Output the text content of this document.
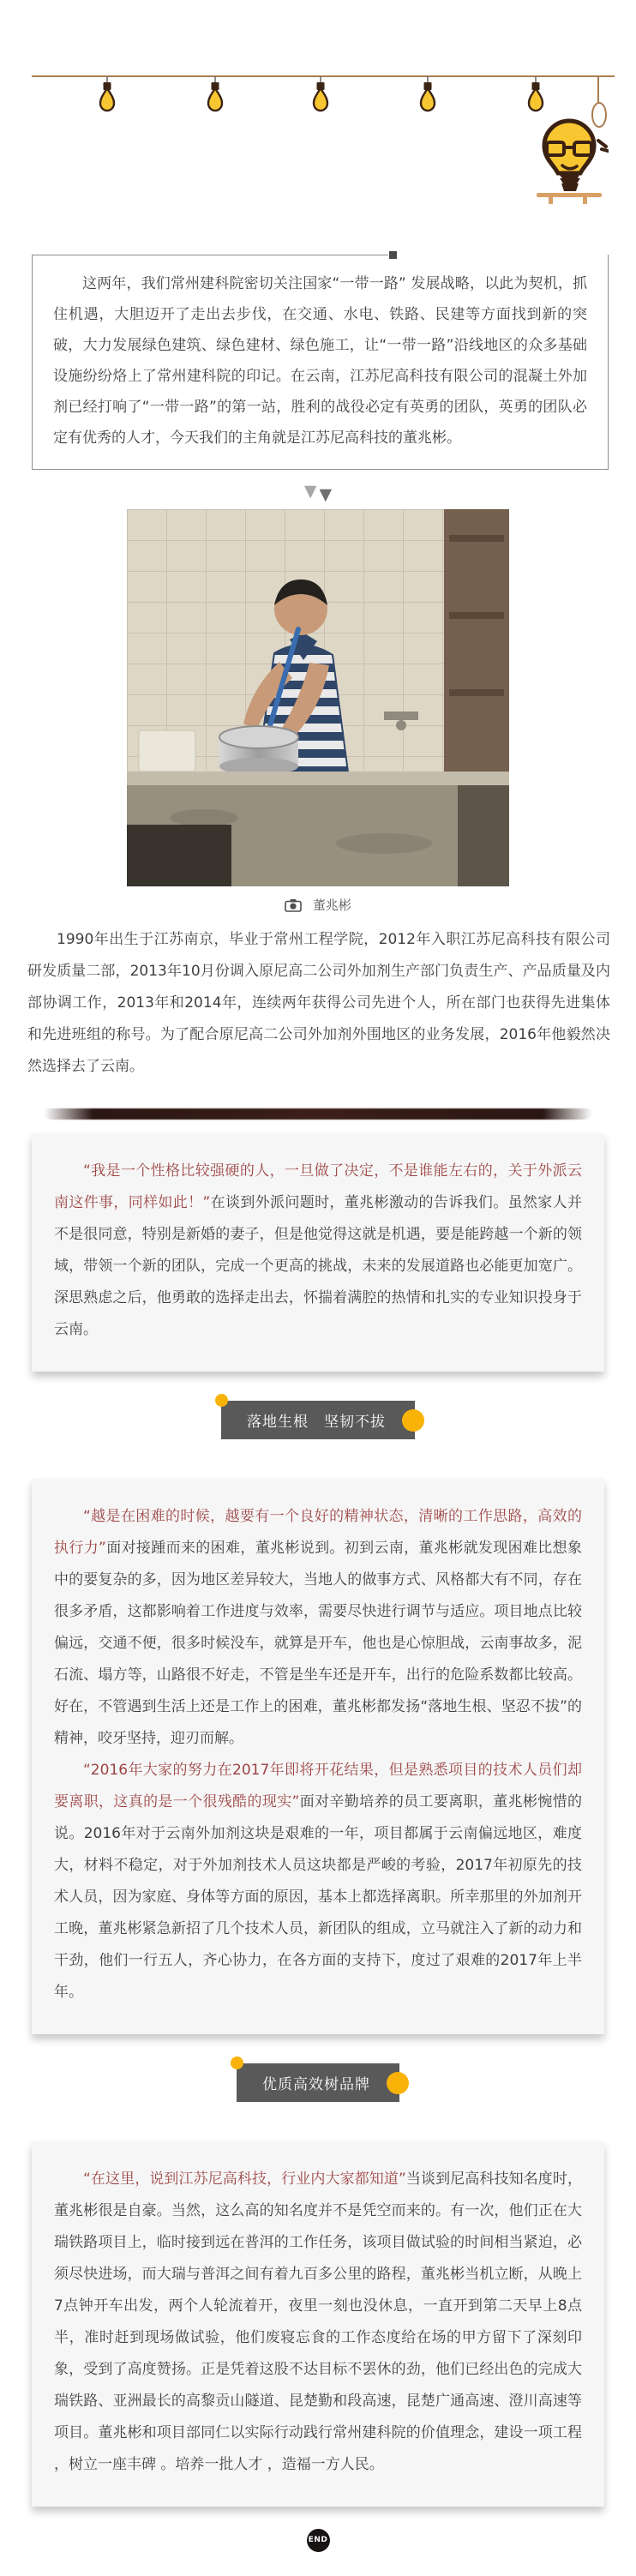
这两年，我们常州建科院密切关注国家“一带一路” 发展战略，以此为契机，抓住机遇，大胆迈开了走出去步伐，在交通、水电、铁路、民建等方面找到新的突破，大力发展绿色建筑、绿色建材、绿色施工，让“一带一路”沿线地区的众多基础设施纷纷烙上了常州建科院的印记。在云南，江苏尼高科技有限公司的混凝土外加剂已经打响了“一带一路”的第一站，胜利的战役必定有英勇的团队，英勇的团队必定有优秀的人才，今天我们的主角就是江苏尼高科技的董兆彬。

▼ ▼
董兆彬

1990年出生于江苏南京，毕业于常州工程学院，2012年入职江苏尼高科技有限公司研发质量二部，2013年10月份调入原尼高二公司外加剂生产部门负责生产、产品质量及内部协调工作，2013年和2014年，连续两年获得公司先进个人，所在部门也获得先进集体和先进班组的称号。为了配合原尼高二公司外加剂外围地区的业务发展，2016年他毅然决然选择去了云南。

“我是一个性格比较强硬的人，一旦做了决定，不是谁能左右的，关于外派云南这件事，同样如此！”在谈到外派问题时，董兆彬激动的告诉我们。虽然家人并不是很同意，特别是新婚的妻子，但是他觉得这就是机遇，要是能跨越一个新的领域，带领一个新的团队，完成一个更高的挑战，未来的发展道路也必能更加宽广。深思熟虑之后，他勇敢的选择走出去，怀揣着满腔的热情和扎实的专业知识投身于云南。

落地生根　坚韧不拔

“越是在困难的时候，越要有一个良好的精神状态，清晰的工作思路，高效的执行力”面对接踵而来的困难，董兆彬说到。初到云南，董兆彬就发现困难比想象中的要复杂的多，因为地区差异较大，当地人的做事方式、风格都大有不同，存在很多矛盾，这都影响着工作进度与效率，需要尽快进行调节与适应。项目地点比较偏远，交通不便，很多时候没车，就算是开车，他也是心惊胆战，云南事故多，泥石流、塌方等，山路很不好走，不管是坐车还是开车，出行的危险系数都比较高。好在，不管遇到生活上还是工作上的困难，董兆彬都发扬“落地生根、坚忍不拔”的精神，咬牙坚持，迎刃而解。

“2016年大家的努力在2017年即将开花结果，但是熟悉项目的技术人员们却要离职，这真的是一个很残酷的现实”面对辛勤培养的员工要离职，董兆彬惋惜的说。2016年对于云南外加剂这块是艰难的一年，项目都属于云南偏远地区，难度大，材料不稳定，对于外加剂技术人员这块都是严峻的考验，2017年初原先的技术人员，因为家庭、身体等方面的原因，基本上都选择离职。所幸那里的外加剂开工晚，董兆彬紧急新招了几个技术人员，新团队的组成，立马就注入了新的动力和干劲，他们一行五人，齐心协力，在各方面的支持下，度过了艰难的2017年上半年。

优质高效树品牌

“在这里，说到江苏尼高科技，行业内大家都知道”当谈到尼高科技知名度时，董兆彬很是自豪。当然，这么高的知名度并不是凭空而来的。有一次，他们正在大瑞铁路项目上，临时接到远在普洱的工作任务，该项目做试验的时间相当紧迫，必须尽快进场，而大瑞与普洱之间有着九百多公里的路程，董兆彬当机立断，从晚上7点钟开车出发，两个人轮流着开，夜里一刻也没休息，一直开到第二天早上8点半，准时赶到现场做试验，他们废寝忘食的工作态度给在场的甲方留下了深刻印象，受到了高度赞扬。正是凭着这股不达目标不罢休的劲，他们已经出色的完成大瑞铁路、亚洲最长的高黎贡山隧道、昆楚勤和段高速，昆楚广通高速、澄川高速等项目。董兆彬和项目部同仁以实际行动践行常州建科院的价值理念，建设一项工程 ，树立一座丰碑 。培养一批人才 ，造福一方人民。

END
